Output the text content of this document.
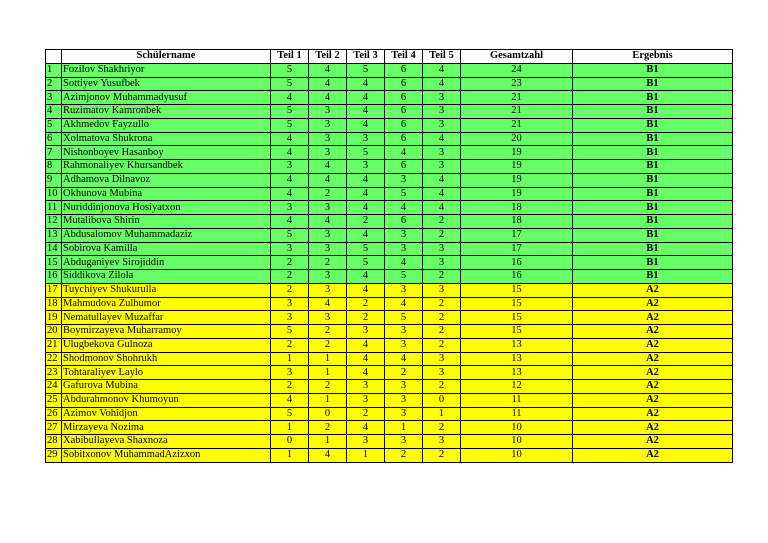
	Schülername	Teil 1	Teil 2	Teil 3	Teil 4	Teil 5	Gesamtzahl	Ergebnis
1	Fozilov Shakhriyor	5	4	5	6	4	24	B1
2	Sottiyev Yusufbek	5	4	4	6	4	23	B1
3	Azimjonov Muhammadyusuf	4	4	4	6	3	21	B1
4	Ruzimatov Kamronbek	5	3	4	6	3	21	B1
5	Akhmedov Fayzullo	5	3	4	6	3	21	B1
6	Xolmatova Shukrona	4	3	3	6	4	20	B1
7	Nishonboyev Hasanboy	4	3	5	4	3	19	B1
8	Rahmonaliyev Khursandbek	3	4	3	6	3	19	B1
9	Adhamova Dilnavoz	4	4	4	3	4	19	B1
10	Okhunova Mubina	4	2	4	5	4	19	B1
11	Nuriddinjonova Hosiyatxon	3	3	4	4	4	18	B1
12	Mutalibova Shirin	4	4	2	6	2	18	B1
13	Abdusalomov Muhammadaziz	5	3	4	3	2	17	B1
14	Sobirova Kamilla	3	3	5	3	3	17	B1
15	Abduganiyev Sirojiddin	2	2	5	4	3	16	B1
16	Siddikova Zilola	2	3	4	5	2	16	B1
17	Tuychiyev Shukurulla	2	3	4	3	3	15	A2
18	Mahmudova Zulhumor	3	4	2	4	2	15	A2
19	Nematullayev Muzaffar	3	3	2	5	2	15	A2
20	Boymirzayeva Muharramoy	5	2	3	3	2	15	A2
21	Ulugbekova Gulnoza	2	2	4	3	2	13	A2
22	Shodmonov Shohrukh	1	1	4	4	3	13	A2
23	Tohtaraliyev Laylo	3	1	4	2	3	13	A2
24	Gafurova Mubina	2	2	3	3	2	12	A2
25	Abdurahmonov Khumoyun	4	1	3	3	0	11	A2
26	Azimov Vohidjon	5	0	2	3	1	11	A2
27	Mirzayeva Nozima	1	2	4	1	2	10	A2
28	Xabibullayeva Shaxnoza	0	1	3	3	3	10	A2
29	Sobitxonov MuhammadAzizxon	1	4	1	2	2	10	A2
